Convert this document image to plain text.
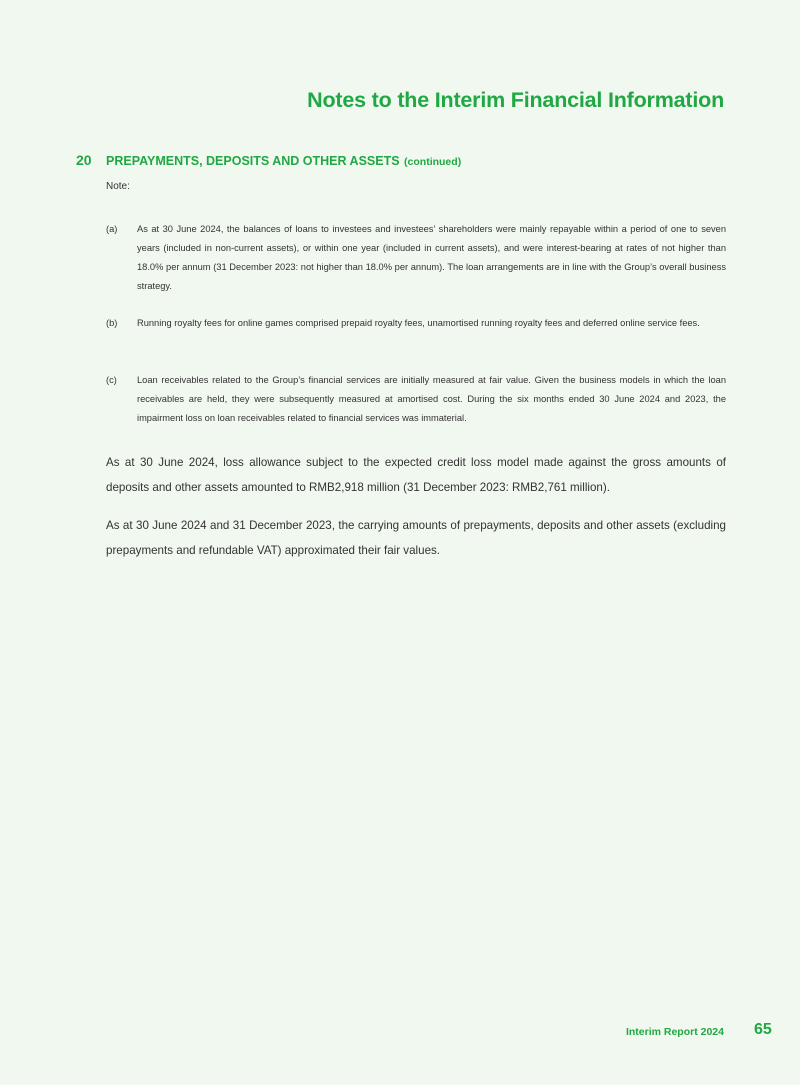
Notes to the Interim Financial Information
20 PREPAYMENTS, DEPOSITS AND OTHER ASSETS (continued)
Note:
(a) As at 30 June 2024, the balances of loans to investees and investees’ shareholders were mainly repayable within a period of one to seven years (included in non-current assets), or within one year (included in current assets), and were interest-bearing at rates of not higher than 18.0% per annum (31 December 2023: not higher than 18.0% per annum). The loan arrangements are in line with the Group’s overall business strategy.
(b) Running royalty fees for online games comprised prepaid royalty fees, unamortised running royalty fees and deferred online service fees.
(c) Loan receivables related to the Group’s financial services are initially measured at fair value. Given the business models in which the loan receivables are held, they were subsequently measured at amortised cost. During the six months ended 30 June 2024 and 2023, the impairment loss on loan receivables related to financial services was immaterial.
As at 30 June 2024, loss allowance subject to the expected credit loss model made against the gross amounts of deposits and other assets amounted to RMB2,918 million (31 December 2023: RMB2,761 million).
As at 30 June 2024 and 31 December 2023, the carrying amounts of prepayments, deposits and other assets (excluding prepayments and refundable VAT) approximated their fair values.
Interim Report 2024 65
